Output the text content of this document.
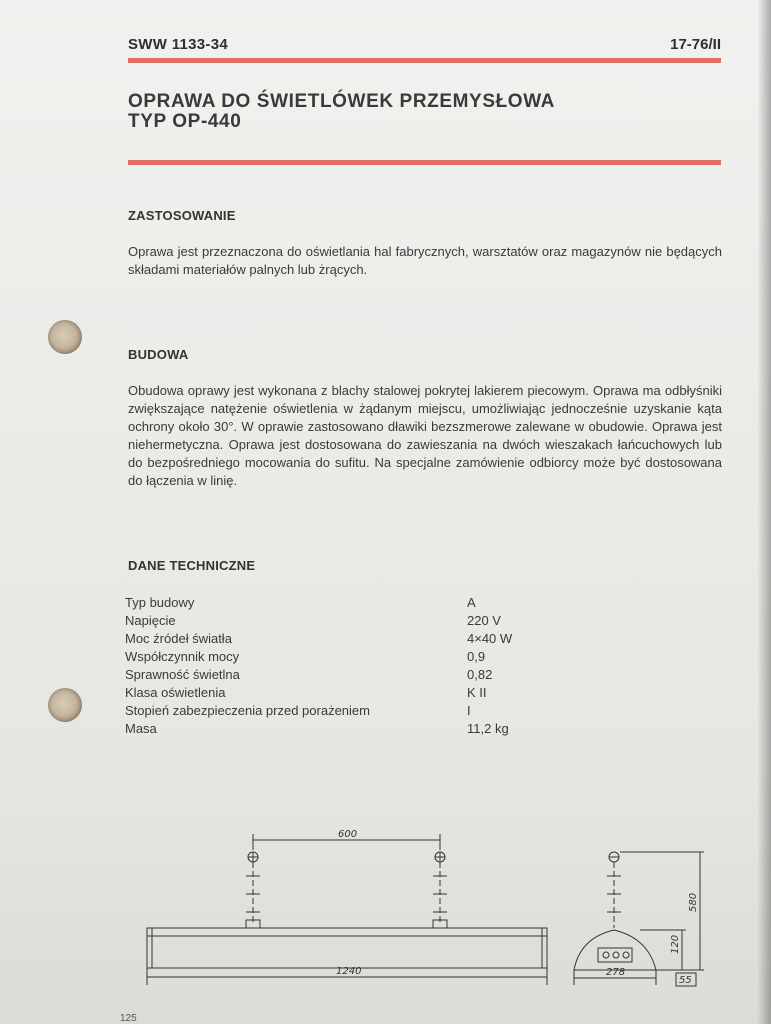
SWW 1133-34	17-76/II
OPRAWA DO ŚWIETLÓWEK PRZEMYSŁOWA
TYP OP-440
ZASTOSOWANIE
Oprawa jest przeznaczona do oświetlania hal fabrycznych, warsztatów oraz magazynów nie będących składami materiałów palnych lub żrących.
BUDOWA
Obudowa oprawy jest wykonana z blachy stalowej pokrytej lakierem piecowym. Oprawa ma odbłyśniki zwiększające natężenie oświetlenia w żądanym miejscu, umożliwiając jednocześnie uzyskanie kąta ochrony około 30°. W oprawie zastosowano dławiki bezszmerowe zalewane w obudowie. Oprawa jest niehermetyczna. Oprawa jest dostosowana do zawieszania na dwóch wieszakach łańcuchowych lub do bezpośredniego mocowania do sufitu. Na specjalne zamówienie odbiorcy może być dostosowana do łączenia w linię.
DANE TECHNICZNE
Typ budowy	A
Napięcie	220 V
Moc źródeł światła	4×40 W
Współczynnik mocy	0,9
Sprawność świetlna	0,82
Klasa oświetlenia	K II
Stopień zabezpieczenia przed porażeniem	I
Masa	11,2 kg
600
1240	278
580
120
55
125
